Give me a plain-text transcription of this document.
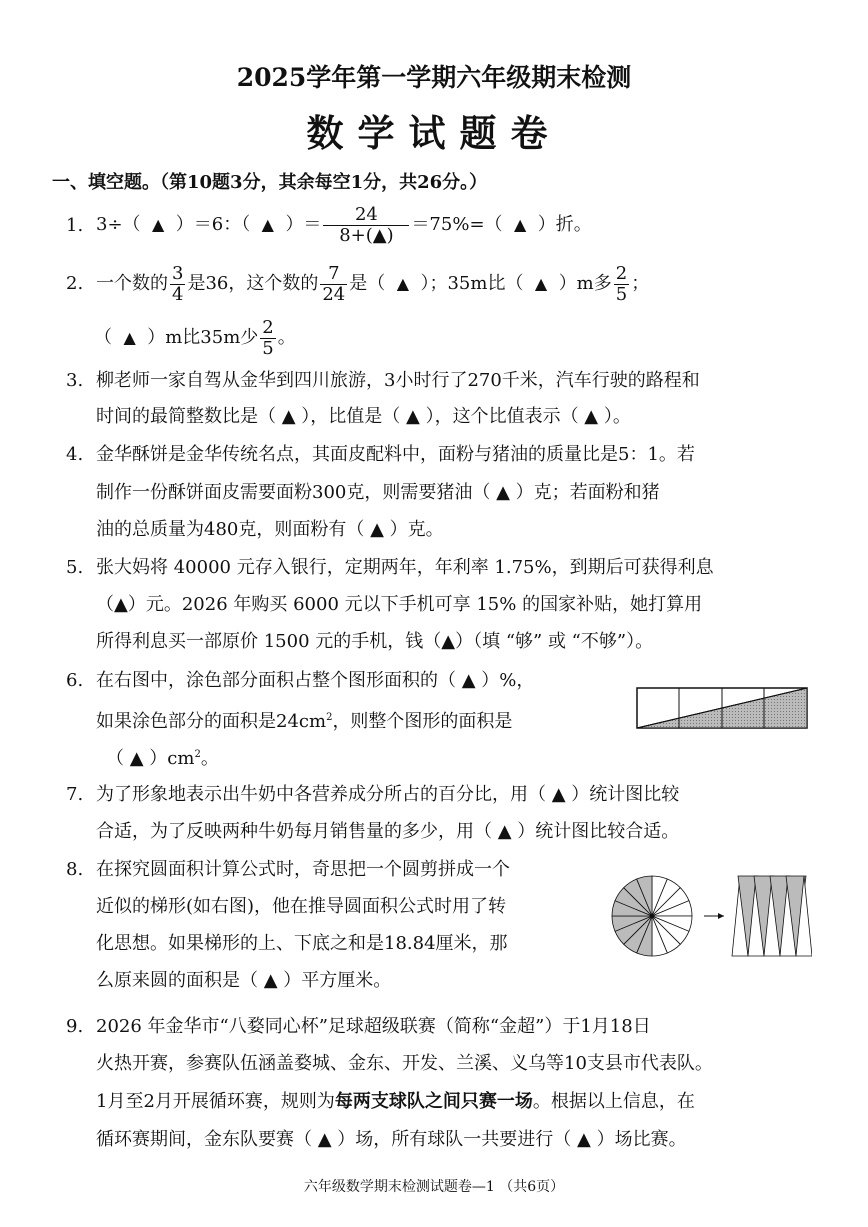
2025学年第一学期六年级期末检测
数学试题卷
一、填空题。（第10题3分，其余每空1分，共26分。）
1. 3÷（ ▲ ）＝6：（ ▲ ）＝ $\frac{24}{8+(▲)} =75\%=$（ ▲ ）折。
2. 一个数的 $\frac{3}{4}$ 是36，这个数的 $\frac{7}{24}$ 是（ ▲ ）；35m比（ ▲ ）m多 $\frac{2}{5}$ ；
（ ▲ ）m比35m少 $\frac{2}{5}$ 。
3. 柳老师一家自驾从金华到四川旅游，3小时行了270千米，汽车行驶的路程和
时间的最简整数比是（ ▲ ），比值是（ ▲ ），这个比值表示（ ▲ ）。
4. 金华酥饼是金华传统名点，其面皮配料中，面粉与猪油的质量比是5：1。若
制作一份酥饼面皮需要面粉300克，则需要猪油（ ▲ ）克；若面粉和猪
油的总质量为480克，则面粉有（ ▲ ）克。
5. 张大妈将 40000 元存入银行，定期两年，年利率 1.75%，到期后可获得利息
（▲）元。2026 年购买 6000 元以下手机可享 15% 的国家补贴，她打算用
所得利息买一部原价 1500 元的手机，钱（▲）（填 “够” 或 “不够”）。
6. 在右图中，涂色部分面积占整个图形面积的（ ▲ ）%，
如果涂色部分的面积是$24cm^2$，则整个图形的面积是
（ ▲ ）$cm^2$。
7. 为了形象地表示出牛奶中各营养成分所占的百分比，用（ ▲ ）统计图比较
合适，为了反映两种牛奶每月销售量的多少，用（ ▲ ）统计图比较合适。
8. 在探究圆面积计算公式时，奇思把一个圆剪拼成一个
近似的梯形(如右图)，他在推导圆面积公式时用了转
化思想。如果梯形的上、下底之和是18.84厘米，那
么原来圆的面积是（ ▲ ）平方厘米。
9. 2026 年金华市“八婺同心杯”足球超级联赛（简称“金超”）于1月18日
火热开赛，参赛队伍涵盖婺城、金东、开发、兰溪、义乌等10支县市代表队。
1月至2月开展循环赛，规则为每两支球队之间只赛一场。根据以上信息，在
循环赛期间，金东队要赛（ ▲ ）场，所有球队一共要进行（ ▲ ）场比赛。
六年级数学期末检测试题卷—1 （共6页）
